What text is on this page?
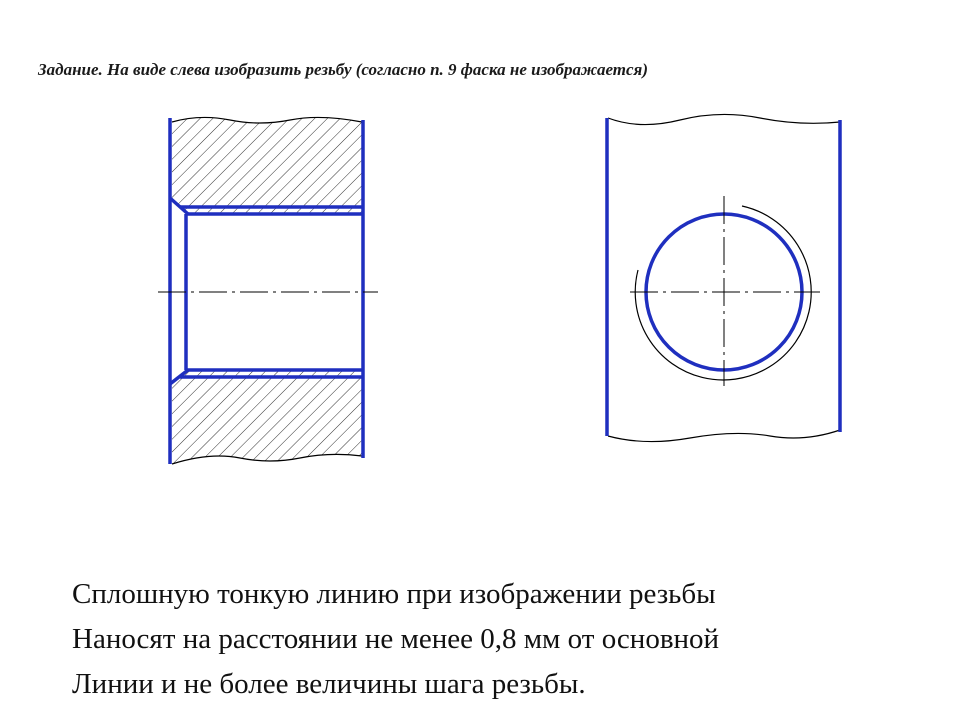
Задание. На виде слева изобразить резьбу (согласно п. 9 фаска не изображается)
Сплошную тонкую линию при изображении резьбы
Наносят на расстоянии не менее 0,8 мм от основной
Линии и не более величины шага резьбы.
